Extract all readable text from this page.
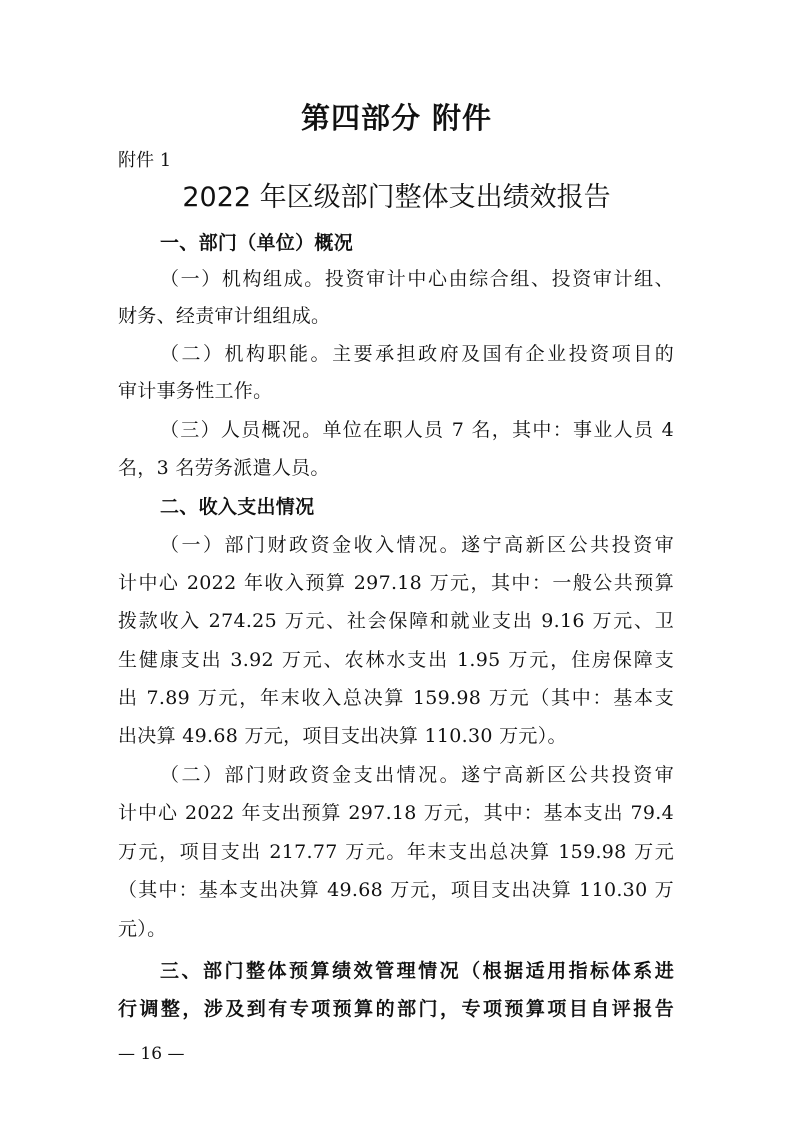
第四部分 附件
附件 1
2022 年区级部门整体支出绩效报告
一、部门（单位）概况
（一）机构组成。投资审计中心由综合组、投资审计组、
财务、经责审计组组成。
（二）机构职能。主要承担政府及国有企业投资项目的
审计事务性工作。
（三）人员概况。单位在职人员 7 名，其中：事业人员 4
名，3 名劳务派遣人员。
二、收入支出情况
（一）部门财政资金收入情况。遂宁高新区公共投资审
计中心 2022 年收入预算 297.18 万元，其中：一般公共预算
拨款收入 274.25 万元、社会保障和就业支出 9.16 万元、卫
生健康支出 3.92 万元、农林水支出 1.95 万元，住房保障支
出 7.89 万元，年末收入总决算 159.98 万元（其中：基本支
出决算 49.68 万元，项目支出决算 110.30 万元）。
（二）部门财政资金支出情况。遂宁高新区公共投资审
计中心 2022 年支出预算 297.18 万元，其中：基本支出 79.4
万元，项目支出 217.77 万元。年末支出总决算 159.98 万元
（其中：基本支出决算 49.68 万元，项目支出决算 110.30 万
元）。
三、部门整体预算绩效管理情况（根据适用指标体系进
行调整，涉及到有专项预算的部门，专项预算项目自评报告
— 16 —
